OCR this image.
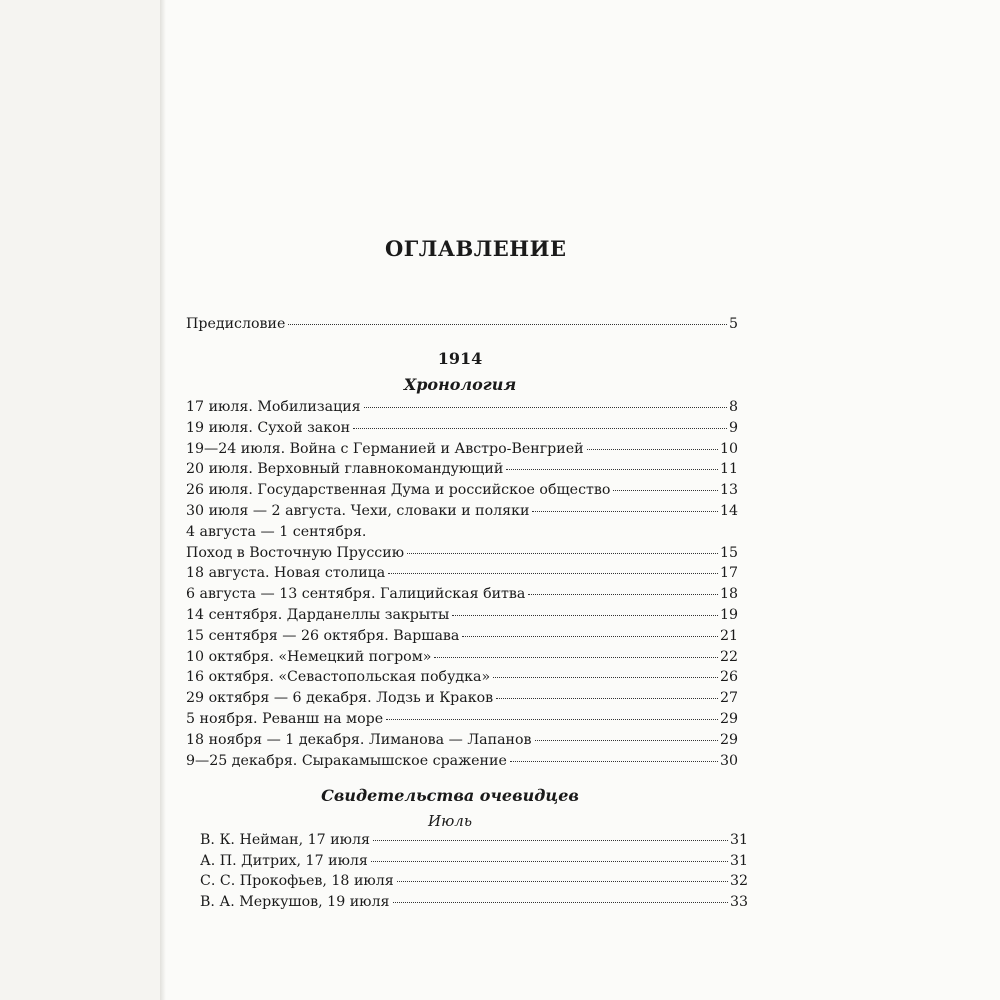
ОГЛАВЛЕНИЕ
Предисловие	5
1914
Хронология
17 июля. Мобилизация	8
19 июля. Сухой закон	9
19—24 июля. Война с Германией и Австро-Венгрией	10
20 июля. Верховный главнокомандующий	11
26 июля. Государственная Дума и российское общество	13
30 июля — 2 августа. Чехи, словаки и поляки	14
4 августа — 1 сентября.
Поход в Восточную Пруссию	15
18 августа. Новая столица	17
6 августа — 13 сентября. Галицийская битва	18
14 сентября. Дарданеллы закрыты	19
15 сентября — 26 октября. Варшава	21
10 октября. «Немецкий погром»	22
16 октября. «Севастопольская побудка»	26
29 октября — 6 декабря. Лодзь и Краков	27
5 ноября. Реванш на море	29
18 ноября — 1 декабря. Лиманова — Лапанов	29
9—25 декабря. Сыракамышское сражение	30
Свидетельства очевидцев
Июль
В. К. Нейман, 17 июля	31
А. П. Дитрих, 17 июля	31
С. С. Прокофьев, 18 июля	32
В. А. Меркушов, 19 июля	33
